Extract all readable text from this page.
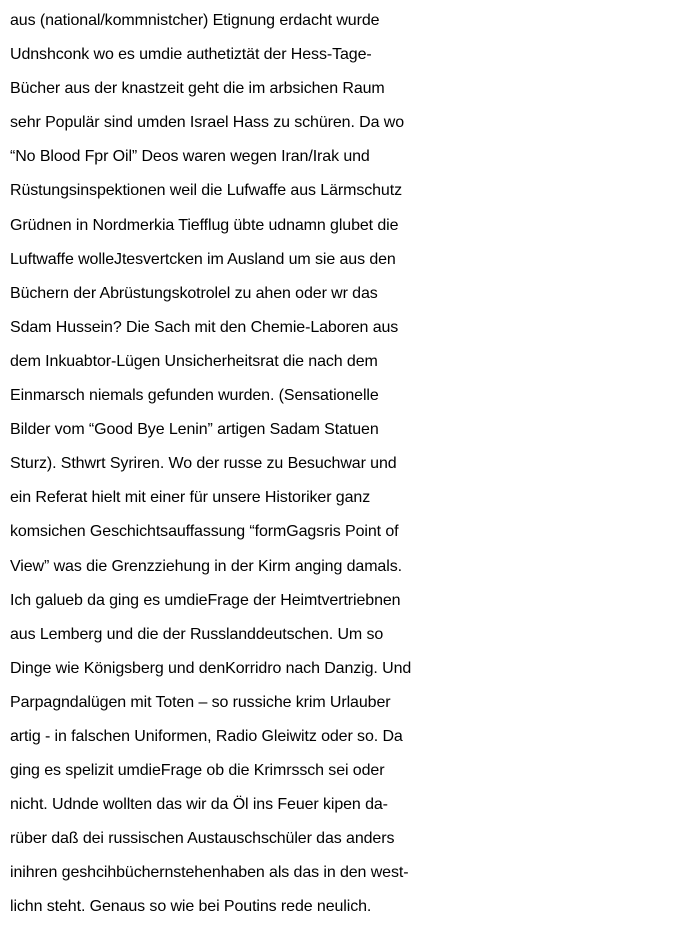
aus (national/kommnistcher) Etignung erdacht wurde
Udnshconk wo es umdie authetiztät der Hess-Tage-
Bücher aus der knastzeit geht die im arbsichen Raum
sehr Populär sind umden Israel Hass zu schüren. Da wo
“No Blood Fpr Oil” Deos waren wegen Iran/Irak und
Rüstungsinspektionen weil die Lufwaffe aus Lärmschutz
Grüdnen in Nordmerkia Tiefflug übte udnamn glubet die
Luftwaffe wolleJtesvertcken im Ausland um sie aus den
Büchern der Abrüstungskotrolel zu ahen oder wr das
Sdam Hussein? Die Sach mit den Chemie-Laboren aus
dem Inkuabtor-Lügen Unsicherheitsrat die nach dem
Einmarsch niemals gefunden wurden. (Sensationelle
Bilder vom “Good Bye Lenin” artigen Sadam Statuen
Sturz). Sthwrt Syriren. Wo der russe zu Besuchwar und
ein Referat hielt mit einer für unsere Historiker ganz
komsichen Geschichtsauffassung “formGagsris Point of
View” was die Grenzziehung in der Kirm anging damals.
Ich galueb da ging es umdieFrage der Heimtvertriebnen
aus Lemberg und die der Russlanddeutschen. Um so
Dinge wie Königsberg und denKorridro nach Danzig. Und
Parpagndalügen mit Toten – so russiche krim Urlauber
artig - in falschen Uniformen, Radio Gleiwitz oder so. Da
ging es spelizit umdieFrage ob die Krimrssch sei oder
nicht. Udnde wollten das wir da Öl ins Feuer kipen da-
rüber daß dei russischen Austauschschüler das anders
inihren geshcihbüchernstehenhaben als das in den west-
lichn steht. Genaus so wie bei Poutins rede neulich.
